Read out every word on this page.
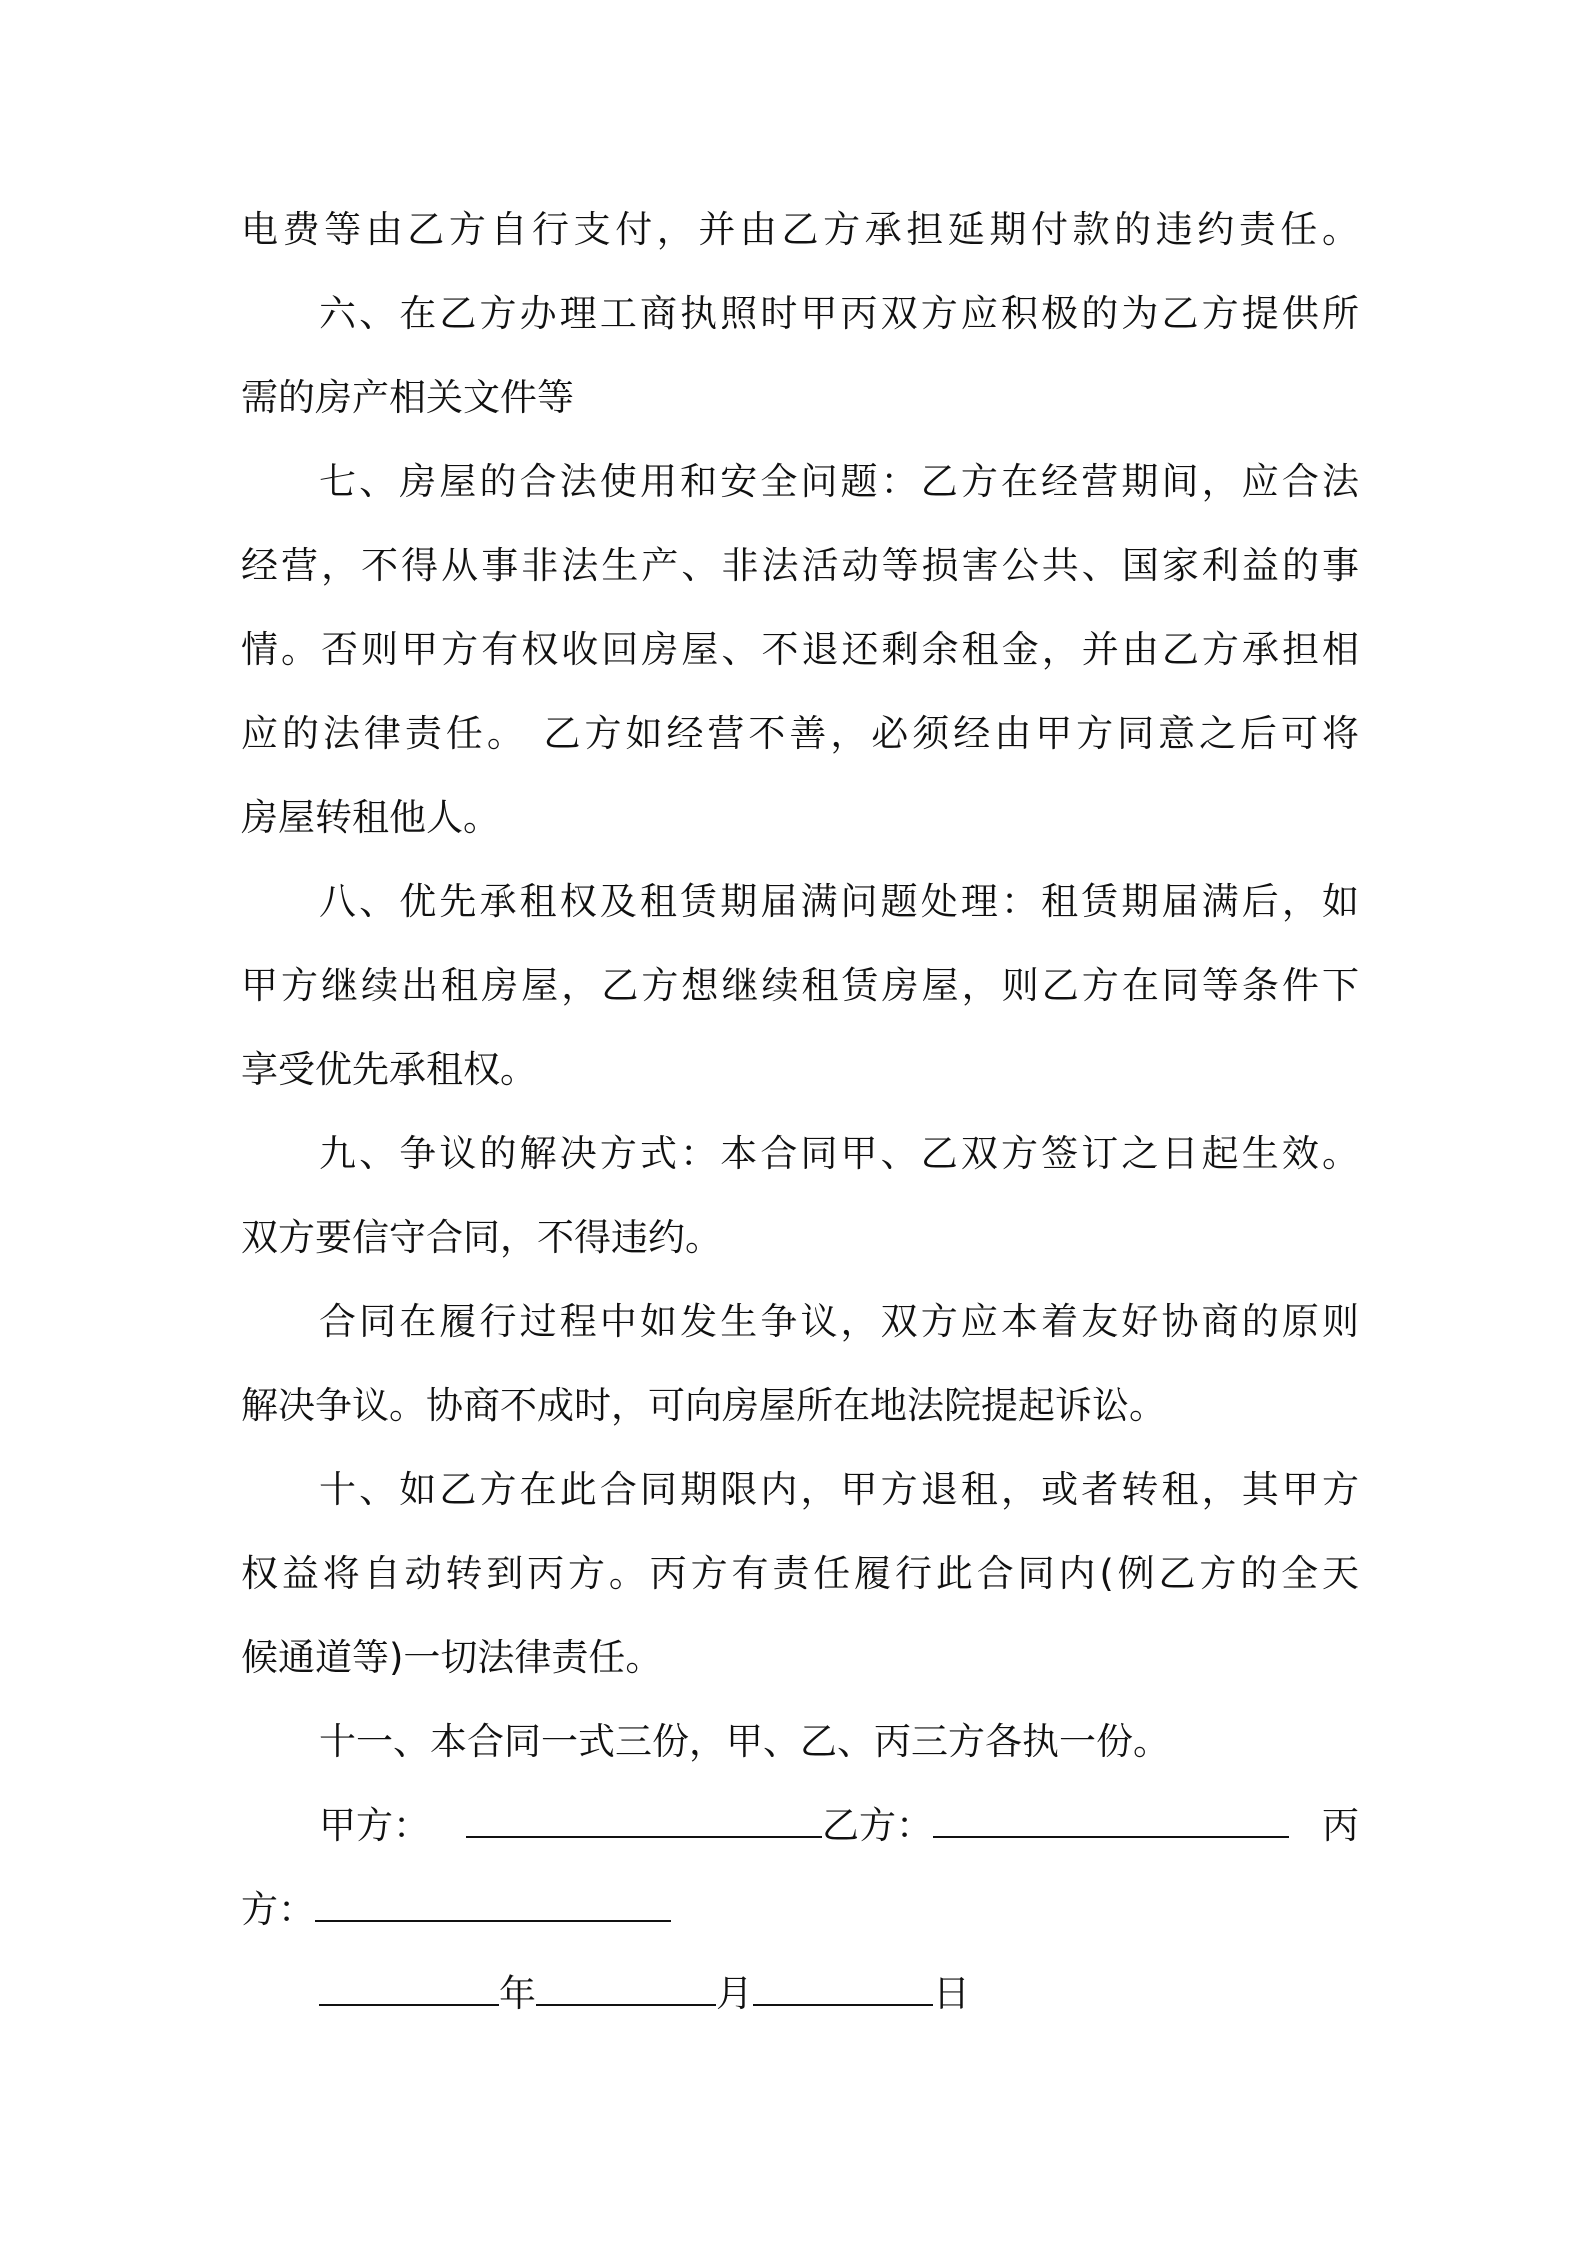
电费等由乙方自行支付，并由乙方承担延期付款的违约责任。
六、在乙方办理工商执照时甲丙双方应积极的为乙方提供所
需的房产相关文件等
七、房屋的合法使用和安全问题：乙方在经营期间，应合法
经营，不得从事非法生产、非法活动等损害公共、国家利益的事
情。否则甲方有权收回房屋、不退还剩余租金，并由乙方承担相
应的法律责任。 乙方如经营不善，必须经由甲方同意之后可将
房屋转租他人。
八、优先承租权及租赁期届满问题处理：租赁期届满后，如
甲方继续出租房屋，乙方想继续租赁房屋，则乙方在同等条件下
享受优先承租权。
九、争议的解决方式：本合同甲、乙双方签订之日起生效。
双方要信守合同，不得违约。
合同在履行过程中如发生争议，双方应本着友好协商的原则
解决争议。协商不成时，可向房屋所在地法院提起诉讼。
十、如乙方在此合同期限内，甲方退租，或者转租，其甲方
权益将自动转到丙方。丙方有责任履行此合同内(例乙方的全天
候通道等)一切法律责任。
十一、本合同一式三份，甲、乙、丙三方各执一份。
甲方：	乙方：	丙
方：
年	月	日
